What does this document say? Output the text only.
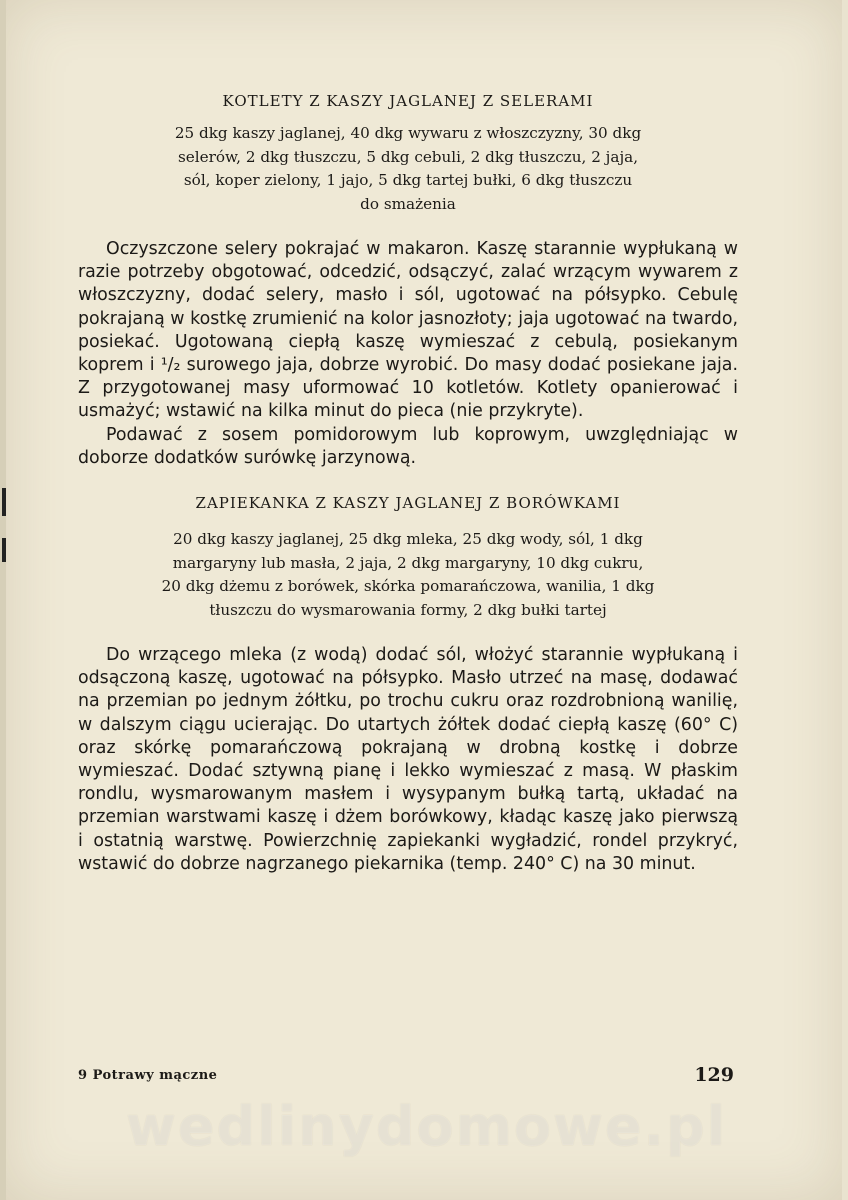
KOTLETY Z KASZY JAGLANEJ Z SELERAMI
25 dkg kaszy jaglanej, 40 dkg wywaru z włoszczyzny, 30 dkg
selerów, 2 dkg tłuszczu, 5 dkg cebuli, 2 dkg tłuszczu, 2 jaja,
sól, koper zielony, 1 jajo, 5 dkg tartej bułki, 6 dkg tłuszczu
do smażenia

Oczyszczone selery pokrajać w makaron. Kaszę starannie wypłukaną w razie potrzeby obgotować, odcedzić, odsączyć, zalać wrzącym wywarem z włoszczyzny, dodać selery, masło i sól, ugotować na półsypko. Cebulę pokrajaną w kostkę zrumienić na kolor jasnozłoty; jaja ugotować na twardo, posiekać. Ugotowaną ciepłą kaszę wymieszać z cebulą, posiekanym koprem i ¹/₂ surowego jaja, dobrze wyrobić. Do masy dodać posiekane jaja. Z przygotowanej masy uformować 10 kotletów. Kotlety opanierować i usmażyć; wstawić na kilka minut do pieca (nie przykryte).

Podawać z sosem pomidorowym lub koprowym, uwzględniając w doborze dodatków surówkę jarzynową.

ZAPIEKANKA Z KASZY JAGLANEJ Z BORÓWKAMI
20 dkg kaszy jaglanej, 25 dkg mleka, 25 dkg wody, sól, 1 dkg
margaryny lub masła, 2 jaja, 2 dkg margaryny, 10 dkg cukru,
20 dkg dżemu z borówek, skórka pomarańczowa, wanilia, 1 dkg
tłuszczu do wysmarowania formy, 2 dkg bułki tartej

Do wrzącego mleka (z wodą) dodać sól, włożyć starannie wypłukaną i odsączoną kaszę, ugotować na półsypko. Masło utrzeć na masę, dodawać na przemian po jednym żółtku, po trochu cukru oraz rozdrobnioną wanilię, w dalszym ciągu ucierając. Do utartych żółtek dodać ciepłą kaszę (60° C) oraz skórkę pomarańczową pokrajaną w drobną kostkę i dobrze wymieszać. Dodać sztywną pianę i lekko wymieszać z masą. W płaskim rondlu, wysmarowanym masłem i wysypanym bułką tartą, układać na przemian warstwami kaszę i dżem borówkowy, kładąc kaszę jako pierwszą i ostatnią warstwę. Powierzchnię zapiekanki wygładzić, rondel przykryć, wstawić do dobrze nagrzanego piekarnika (temp. 240° C) na 30 minut.

9 Potrawy mączne	129
wedlinydomowe.pl
